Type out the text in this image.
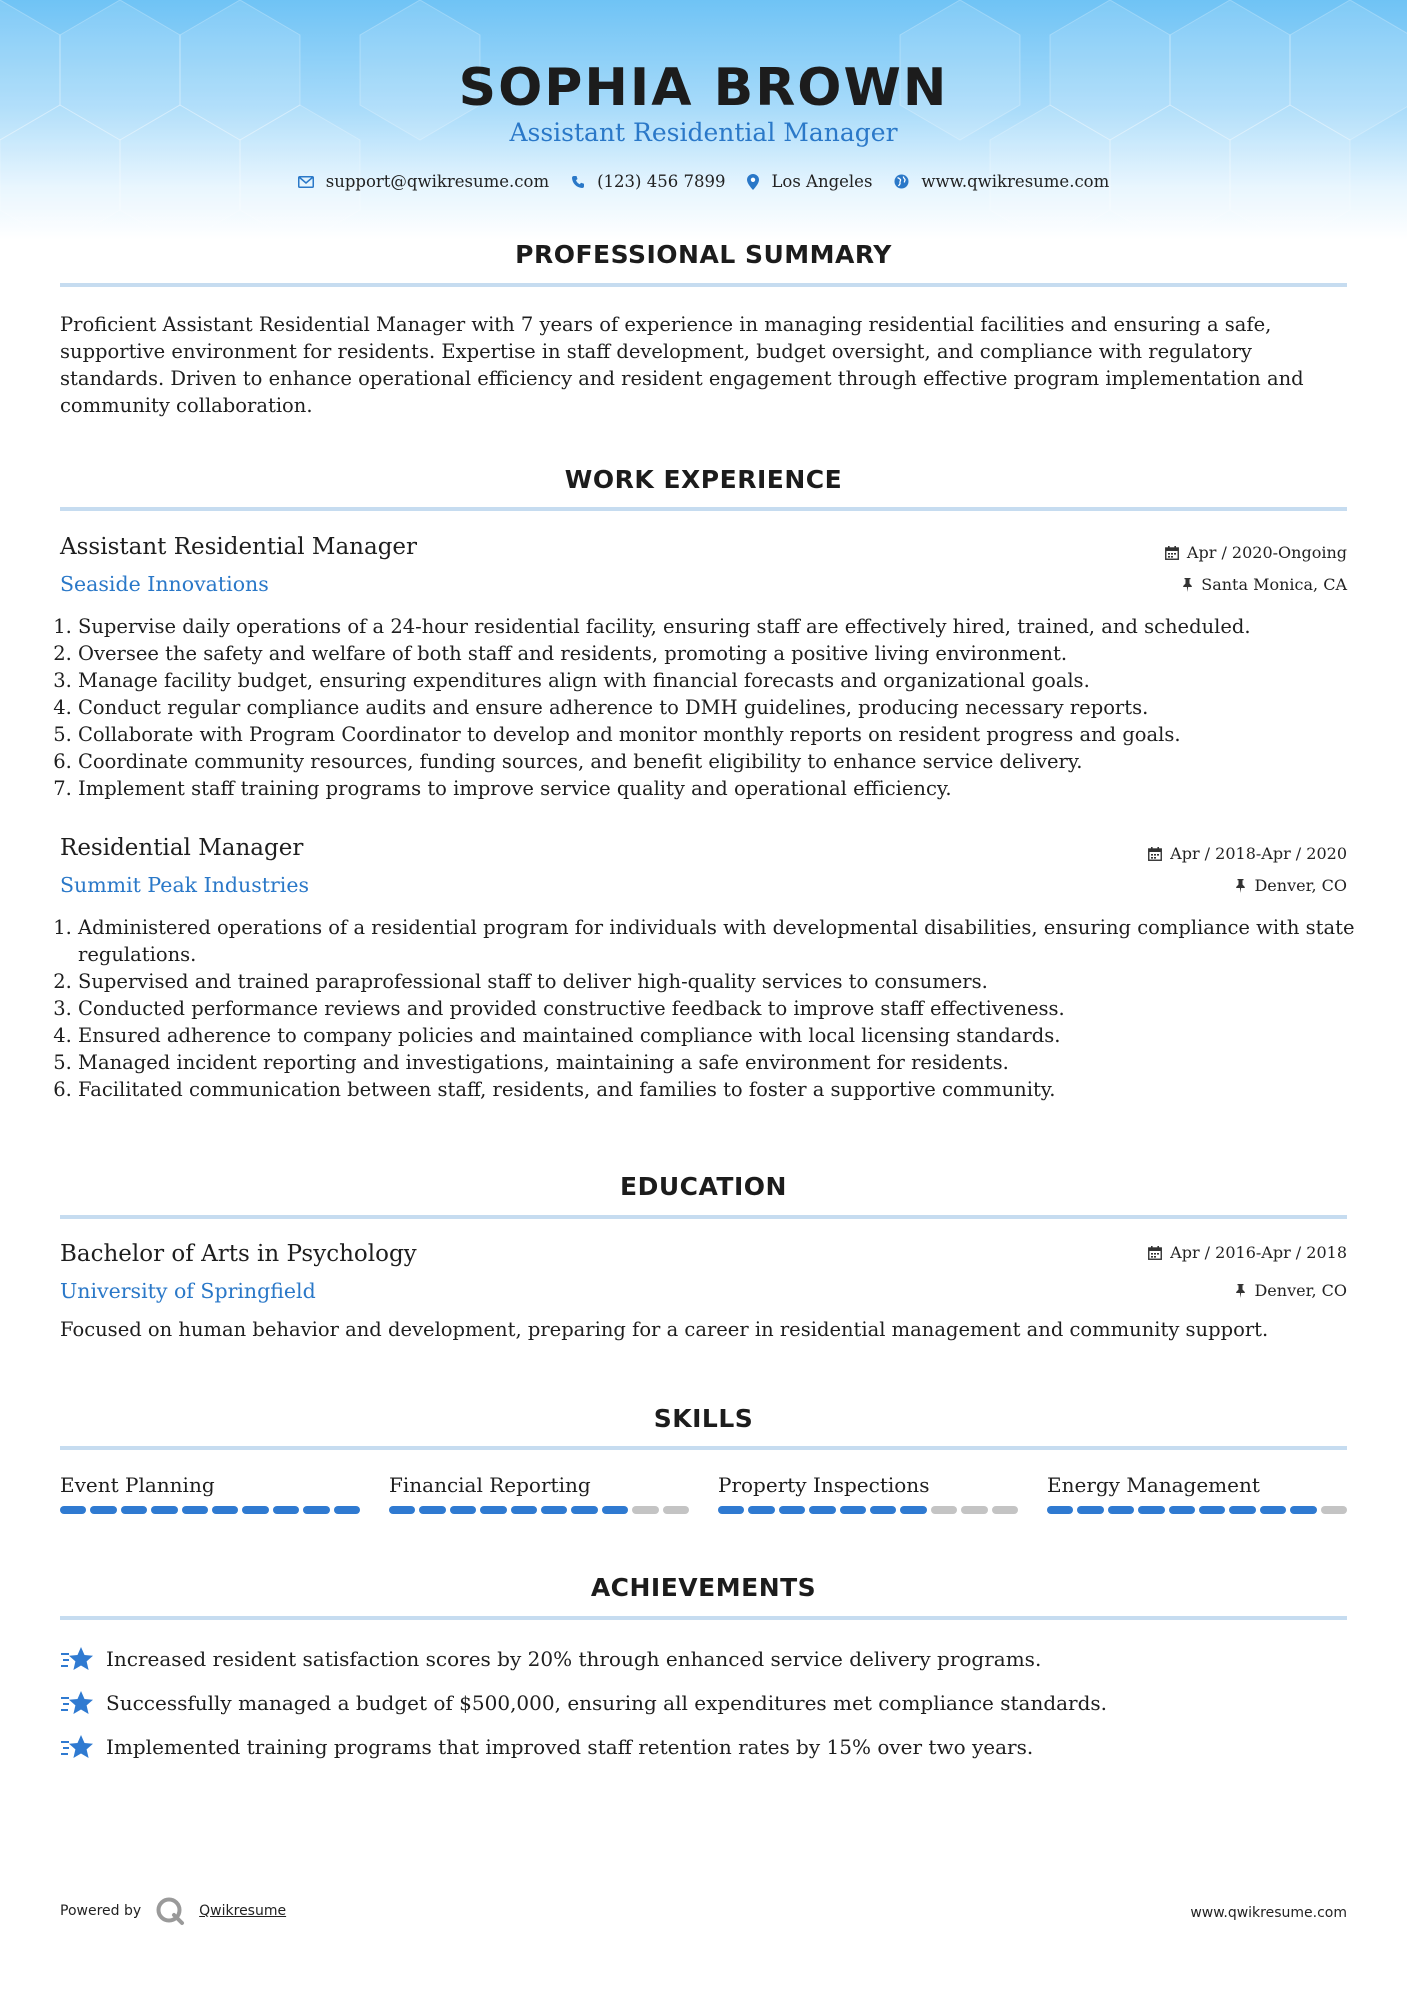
SOPHIA BROWN
Assistant Residential Manager
support@qwikresume.com	(123) 456 7899	Los Angeles	www.qwikresume.com
PROFESSIONAL SUMMARY
Proficient Assistant Residential Manager with 7 years of experience in managing residential facilities and ensuring a safe, supportive environment for residents. Expertise in staff development, budget oversight, and compliance with regulatory standards. Driven to enhance operational efficiency and resident engagement through effective program implementation and community collaboration.
WORK EXPERIENCE
Assistant Residential Manager	Apr / 2020-Ongoing
Seaside Innovations	Santa Monica, CA
1. Supervise daily operations of a 24-hour residential facility, ensuring staff are effectively hired, trained, and scheduled.
2. Oversee the safety and welfare of both staff and residents, promoting a positive living environment.
3. Manage facility budget, ensuring expenditures align with financial forecasts and organizational goals.
4. Conduct regular compliance audits and ensure adherence to DMH guidelines, producing necessary reports.
5. Collaborate with Program Coordinator to develop and monitor monthly reports on resident progress and goals.
6. Coordinate community resources, funding sources, and benefit eligibility to enhance service delivery.
7. Implement staff training programs to improve service quality and operational efficiency.
Residential Manager	Apr / 2018-Apr / 2020
Summit Peak Industries	Denver, CO
1. Administered operations of a residential program for individuals with developmental disabilities, ensuring compliance with state regulations.
2. Supervised and trained paraprofessional staff to deliver high-quality services to consumers.
3. Conducted performance reviews and provided constructive feedback to improve staff effectiveness.
4. Ensured adherence to company policies and maintained compliance with local licensing standards.
5. Managed incident reporting and investigations, maintaining a safe environment for residents.
6. Facilitated communication between staff, residents, and families to foster a supportive community.
EDUCATION
Bachelor of Arts in Psychology	Apr / 2016-Apr / 2018
University of Springfield	Denver, CO
Focused on human behavior and development, preparing for a career in residential management and community support.
SKILLS
Event Planning	Financial Reporting	Property Inspections	Energy Management
ACHIEVEMENTS
Increased resident satisfaction scores by 20% through enhanced service delivery programs.
Successfully managed a budget of $500,000, ensuring all expenditures met compliance standards.
Implemented training programs that improved staff retention rates by 15% over two years.
Powered by	Qwikresume	www.qwikresume.com
